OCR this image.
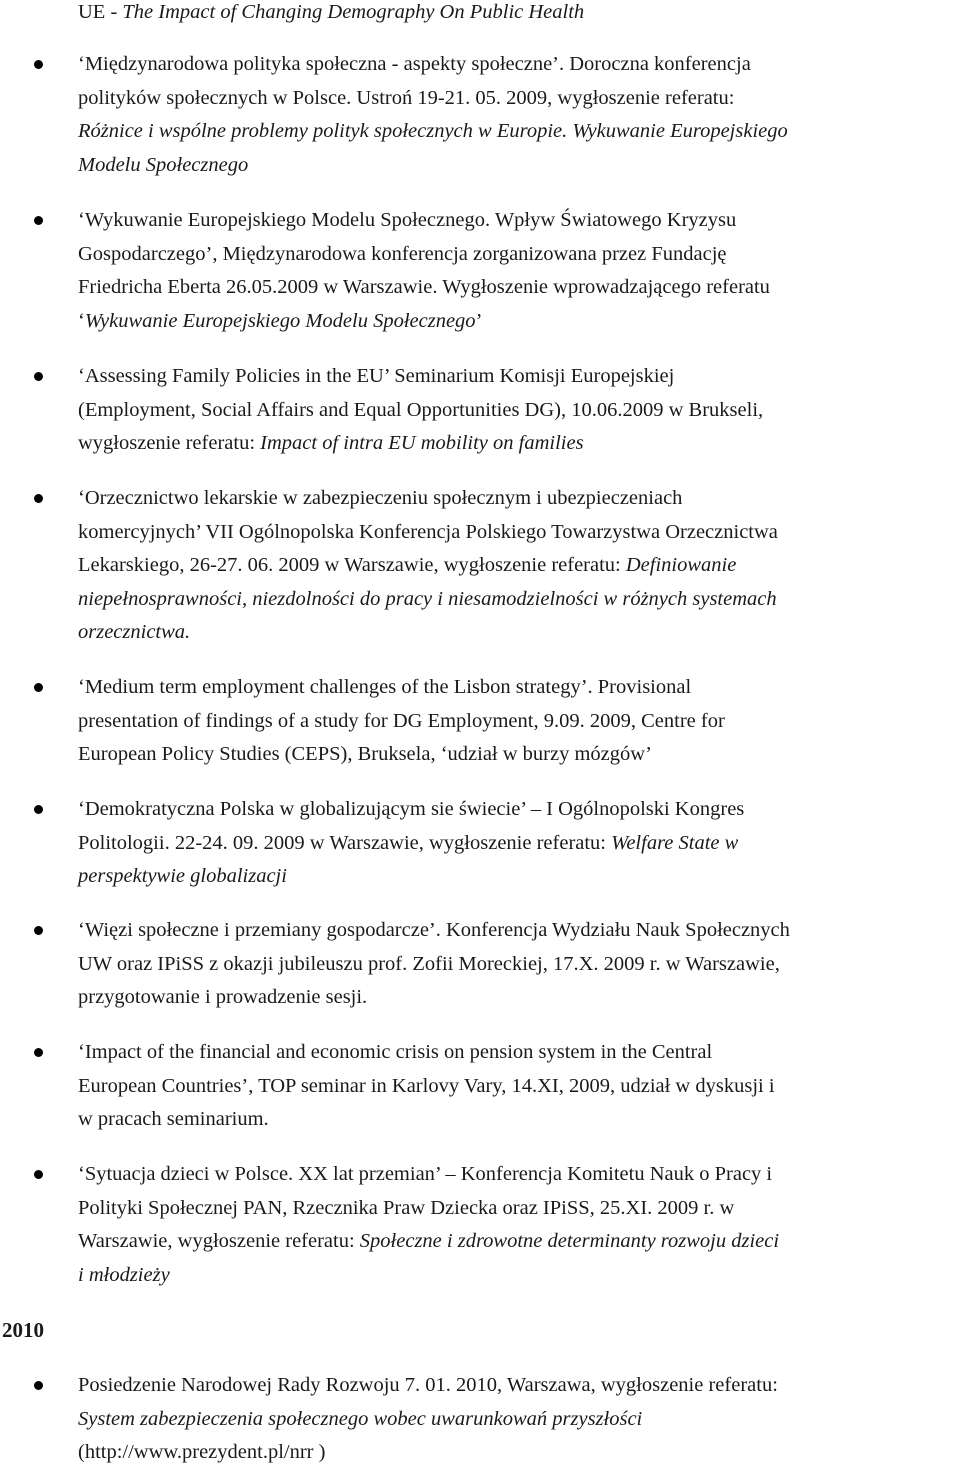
UE - The Impact of Changing Demography On Public Health
‘Międzynarodowa polityka społeczna - aspekty społeczne’. Doroczna konferencja
polityków społecznych w Polsce. Ustroń 19-21. 05. 2009, wygłoszenie referatu:
Różnice i wspólne problemy polityk społecznych w Europie. Wykuwanie Europejskiego
Modelu Społecznego
‘Wykuwanie Europejskiego Modelu Społecznego. Wpływ Światowego Kryzysu
Gospodarczego’, Międzynarodowa konferencja zorganizowana przez Fundację
Friedricha Eberta 26.05.2009 w Warszawie. Wygłoszenie wprowadzającego referatu
‘Wykuwanie Europejskiego Modelu Społecznego’
‘Assessing Family Policies in the EU’ Seminarium Komisji Europejskiej
(Employment, Social Affairs and Equal Opportunities DG), 10.06.2009 w Brukseli,
wygłoszenie referatu: Impact of intra EU mobility on families
‘Orzecznictwo lekarskie w zabezpieczeniu społecznym i ubezpieczeniach
komercyjnych’ VII Ogólnopolska Konferencja Polskiego Towarzystwa Orzecznictwa
Lekarskiego, 26-27. 06. 2009 w Warszawie, wygłoszenie referatu: Definiowanie
niepełnosprawności, niezdolności do pracy i niesamodzielności w różnych systemach
orzecznictwa.
‘Medium term employment challenges of the Lisbon strategy’. Provisional
presentation of findings of a study for DG Employment, 9.09. 2009, Centre for
European Policy Studies (CEPS), Bruksela, ‘udział w burzy mózgów’
‘Demokratyczna Polska w globalizującym sie świecie’ – I Ogólnopolski Kongres
Politologii. 22-24. 09. 2009 w Warszawie, wygłoszenie referatu: Welfare State w
perspektywie globalizacji
‘Więzi społeczne i przemiany gospodarcze’. Konferencja Wydziału Nauk Społecznych
UW oraz IPiSS z okazji jubileuszu prof. Zofii Moreckiej, 17.X. 2009 r. w Warszawie,
przygotowanie i prowadzenie sesji.
‘Impact of the financial and economic crisis on pension system in the Central
European Countries’, TOP seminar in Karlovy Vary, 14.XI, 2009, udział w dyskusji i
w pracach seminarium.
‘Sytuacja dzieci w Polsce. XX lat przemian’ – Konferencja Komitetu Nauk o Pracy i
Polityki Społecznej PAN, Rzecznika Praw Dziecka oraz IPiSS, 25.XI. 2009 r. w
Warszawie, wygłoszenie referatu: Społeczne i zdrowotne determinanty rozwoju dzieci
i młodzieży
Posiedzenie Narodowej Rady Rozwoju 7. 01. 2010, Warszawa, wygłoszenie referatu:
System zabezpieczenia społecznego wobec uwarunkowań przyszłości
(http://www.prezydent.pl/nrr )
2010
